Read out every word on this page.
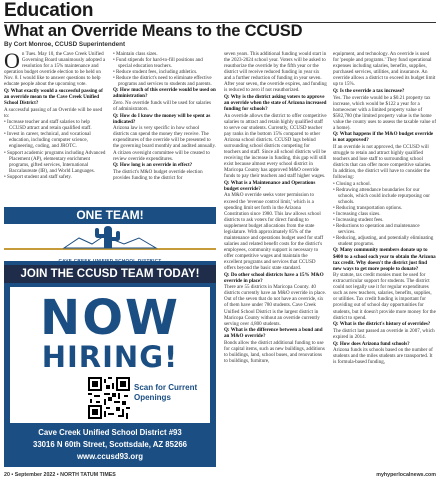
Education
What an Override Means to the CCUSD
By Cort Monroe, CCUSD Superintendent

On Tues. May 10, the Cave Creek Unified Governing Board unanimously adopted a resolution for a 15% maintenance and operation budget override election to be held on Nov. 8. I would like to answer questions to help educate people about the upcoming vote.

Q: What exactly would a successful passing of an override mean to the Cave Creek Unified School District?

A successful passing of an Override will be used to:

• Increase teacher and staff salaries to help CCUSD attract and retain qualified staff.
• Invest in career, technical, and vocational education, including computer science, engineering, coding, and JROTC.
• Support academic programs including Advanced Placement (AP), elementary enrichment programs, gifted services, International Baccalaureate (IB), and World Languages.
• Support student and staff safety.
• Maintain class sizes.
• Fund stipends for hard-to-fill positions and special education teachers.
• Reduce student fees, including athletics.
• Reduce the district's need to eliminate effective programs and services to students and parents.

Q: How much of this override would be used on administration?

Zero. No override funds will be used for salaries of administrators.

Q: How do I know the money will be spent as indicated?

Arizona law is very specific in how school districts can spend the money they receive. The expenditures of the override will be presented to the governing board monthly and audited annually. A citizen oversight committee will be created to review override expenditures.

Q: How long is an override in effect?

The district's M&O budget override election provides funding to the district for

seven years. This additional funding would start in the 2023-2024 school year. Voters will be asked to reauthorize the override by the fifth year or the district will receive reduced funding in year six and a further reduction of funding in year seven. After year seven, the override expires, and funding is reduced to zero if not reauthorized.

Q: Why is the district asking voters to approve an override when the state of Arizona increased funding for schools?

An override allows the district to offer competitive salaries to attract and retain highly qualified staff to serve our students. Currently, CCUSD teacher pay ranks in the bottom 15% compared to other Arizona school districts. CCUSD lags behind surrounding school districts competing for teachers and staff. Since all school districts will be receiving the increase in funding, this gap will still exist because almost every school district in Maricopa County has approved M&O override funds to pay their teachers and staff higher wages.

Q: What is a Maintenance and Operations budget override?

An M&O override seeks voter permission to exceed the 'revenue control limit,' which is a spending limit set forth in the Arizona Constitution since 1980. This law allows school districts to ask voters for direct funding to supplement budget allocations from the state legislature. With approximately 85% of the maintenance and operations budget used for staff salaries and related benefit costs for the district's employees, community support is necessary to offer competitive wages and maintain the excellent programs and services that CCUSD offers beyond the basic state standard.

Q: Do other school districts have a 15% M&O override in place?

There are 55 districts in Maricopa County. 40 districts currently have an M&O override in place. Out of the seven that do not have an override, six of them have under 780 students. Cave Creek Unified School District is the largest district in Maricopa County without an override currently serving over 4,800 students.

Q: What is the difference between a bond and an M&O override?

Bonds allow the district additional funding to use for capital items, such as new buildings, additions to buildings, land, school buses, and renovations to buildings, furniture,

equipment, and technology. An override is used for 'people and programs.' They fund operational expenses including salaries, benefits, supplies, purchased services, utilities, and insurance. An override allows a district to exceed its budget limit up to 15%.

Q: Is the override a tax increase?

Yes. The override would be a $0.21 property tax increase, which would be $122 a year for a homeowner with a limited property value of $582,780 (the limited property value is the home value the county uses to assess the taxable value of a home).

Q: What happens if the M&O budget override is not approved?

If an override is not approved, the CCUSD will struggle to retain and attract highly qualified teachers and lose staff to surrounding school districts that can offer more competitive salaries. In addition, the district will have to consider the following:

• Closing a school.
• Redrawing attendance boundaries for our schools, which could include repurposing our schools.
• Reducing transportation options.
• Increasing class sizes.
• Increasing student fees.
• Reductions to operation and maintenance services.
• Reducing, adjusting, and potentially eliminating student programs.

Q: Many community members donate up to $400 to a school each year to obtain the Arizona tax credit. Why doesn't the district just find new ways to get more people to donate?

By statute, tax credit monies must be used for extracurricular support for students. The district could not legally use it for regular expenditures such as new teachers, salaries, benefits, supplies, or utilities. Tax credit funding is important for providing out of school day opportunities for students, but it doesn't provide more money for the district to spend.

Q: What is the district's history of overrides?

The district last passed an override in 2007, which expired in 2014.

Q: How does Arizona fund schools?

Arizona funds its schools based on the number of students and the miles students are transported. It is formula-based funding,

ONE TEAM!
CAVE CREEK UNIFIED SCHOOL DISTRICT
JOIN THE CCUSD TEAM TODAY!
NOW
HIRING!
Scan for Current Openings
Cave Creek Unified School District #93
33016 N 60th Street, Scottsdale, AZ 85266
www.ccusd93.org
20 • September 2022 • NORTH TATUM TIMES	myhyperlocalnews.com
